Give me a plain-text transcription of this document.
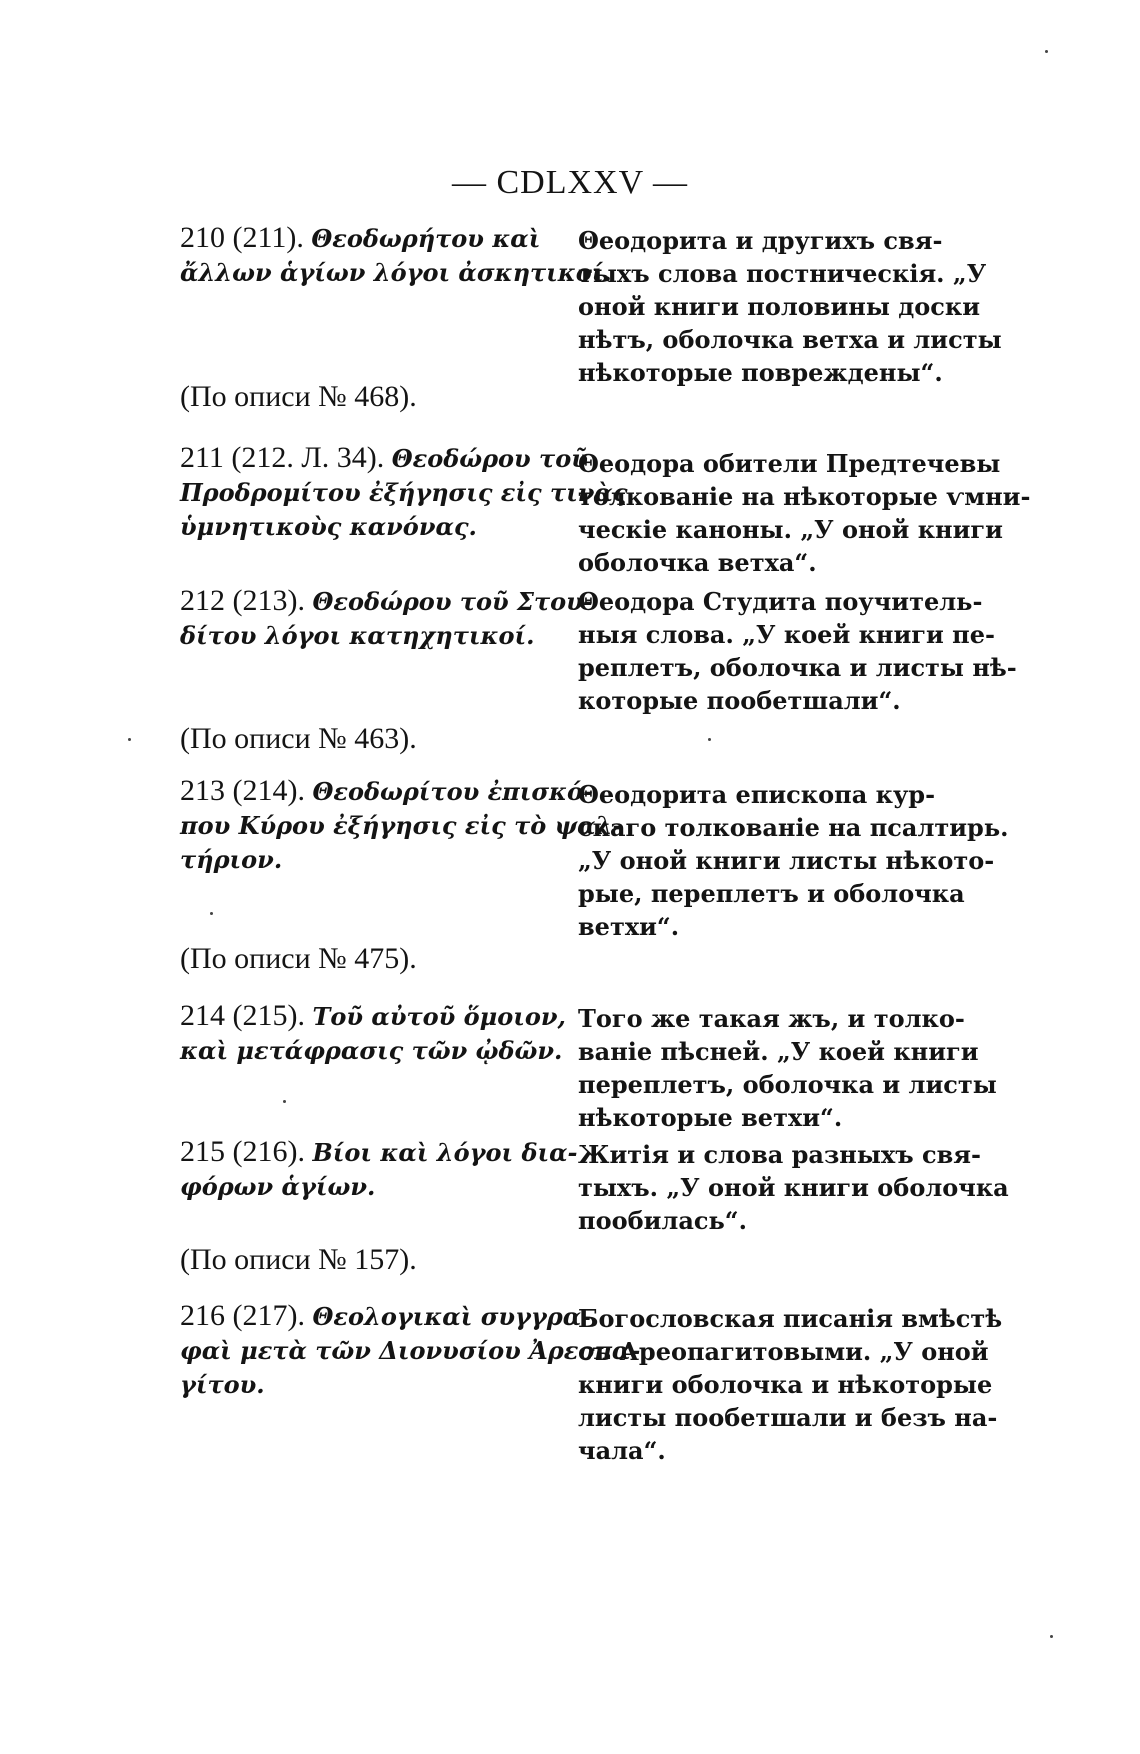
— CDLXXV —
210 (211). Θεοδωρήτου καὶ
ἄλλων ἁγίων λόγοι ἀσκητικοί.
Θеодорита и другихъ свя-
тыхъ слова постническія. „У
оной книги половины доски
нѣтъ, оболочка ветха и листы
нѣкоторые повреждены“.
(По описи № 468).
211 (212. Л. 34). Θεοδώρου τοῦ
Προδρομίτου ἐξήγησις εἰς τινὰς
ὑμνητικοὺς κανόνας.
Θеодора обители Предтечевы
толкованіе на нѣкоторые ѵмни-
ческіе каноны. „У оной книги
оболочка ветха“.
212 (213). Θεοδώρου τοῦ Στου-
δίτου λόγοι κατηχητικοί.
Θеодора Студита поучитель-
ныя слова. „У коей книги пе-
реплетъ, оболочка и листы нѣ-
которые пообетшали“.
(По описи № 463).
213 (214). Θεοδωρίτου ἐπισκό-
που Κύρου ἐξήγησις εἰς τὸ ψαλ-
τήριον.
Θеодорита епископа кур-
скаго толкованіе на псалтирь.
„У оной книги листы нѣкото-
рые, переплетъ и оболочка
ветхи“.
(По описи № 475).
214 (215). Τοῦ αὐτοῦ ὅμοιον,
καὶ μετάφρασις τῶν ᾠδῶν.
Того же такая жъ, и толко-
ваніе пѣсней. „У коей книги
переплетъ, оболочка и листы
нѣкоторые ветхи“.
215 (216). Βίοι καὶ λόγοι δια-
φόρων ἁγίων.
Житія и слова разныхъ свя-
тыхъ. „У оной книги оболочка
пообилась“.
(По описи № 157).
216 (217). Θεολογικαὶ συγγρα-
φαὶ μετὰ τῶν Διονυσίου Ἀρεοπα-
γίτου.
Богословская писанія вмѣстѣ
съ Ареопагитовыми. „У оной
книги оболочка и нѣкоторые
листы пообетшали и безъ на-
чала“.
